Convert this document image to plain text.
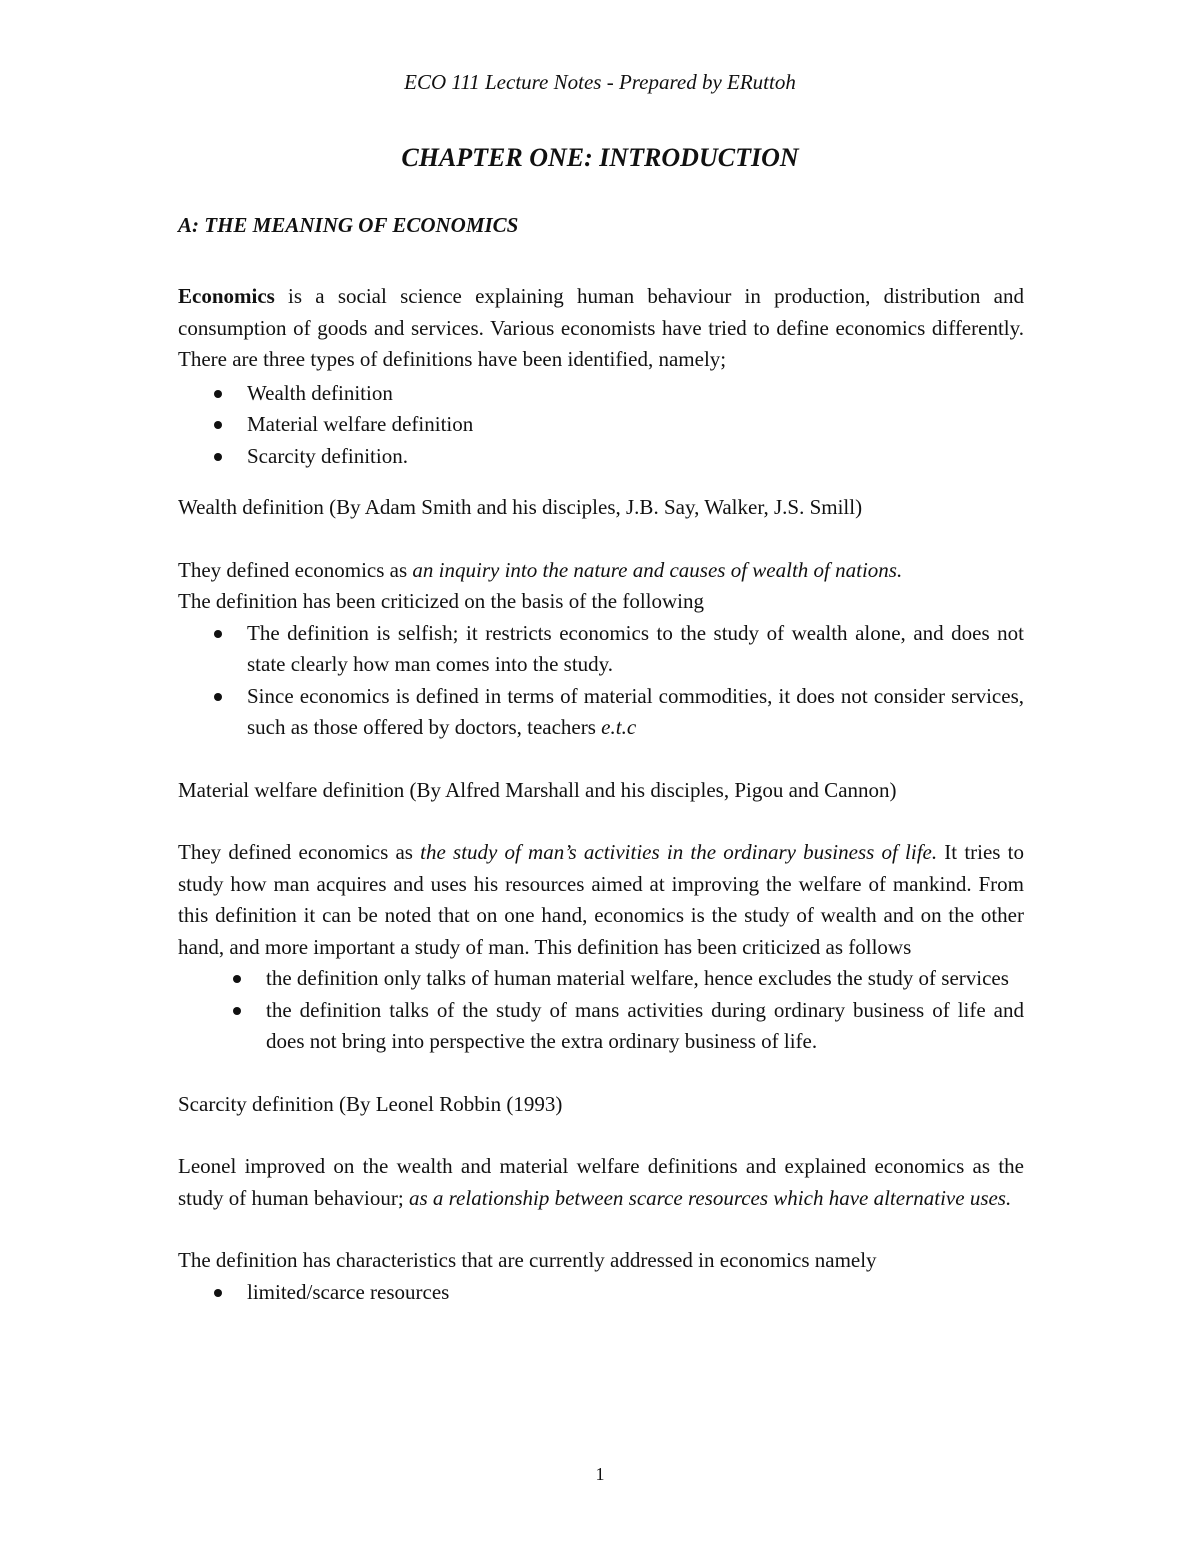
ECO 111 Lecture Notes - Prepared by ERuttoh
CHAPTER ONE: INTRODUCTION
A: THE MEANING OF ECONOMICS

Economics is a social science explaining human behaviour in production, distribution and consumption of goods and services. Various economists have tried to define economics differently. There are three types of definitions have been identified, namely;

Wealth definition
Material welfare definition
Scarcity definition.

Wealth definition (By Adam Smith and his disciples, J.B. Say, Walker, J.S. Smill)

They defined economics as an inquiry into the nature and causes of wealth of nations.
The definition has been criticized on the basis of the following

The definition is selfish; it restricts economics to the study of wealth alone, and does not state clearly how man comes into the study.
Since economics is defined in terms of material commodities, it does not consider services, such as those offered by doctors, teachers e.t.c

Material welfare definition (By Alfred Marshall and his disciples, Pigou and Cannon)

They defined economics as the study of man’s activities in the ordinary business of life. It tries to study how man acquires and uses his resources aimed at improving the welfare of mankind. From this definition it can be noted that on one hand, economics is the study of wealth and on the other hand, and more important a study of man. This definition has been criticized as follows

the definition only talks of human material welfare, hence excludes the study of services
the definition talks of the study of mans activities during ordinary business of life and does not bring into perspective the extra ordinary business of life.

Scarcity definition (By Leonel Robbin (1993)

Leonel improved on the wealth and material welfare definitions and explained economics as the study of human behaviour; as a relationship between scarce resources which have alternative uses.

The definition has characteristics that are currently addressed in economics namely

limited/scarce resources
1
